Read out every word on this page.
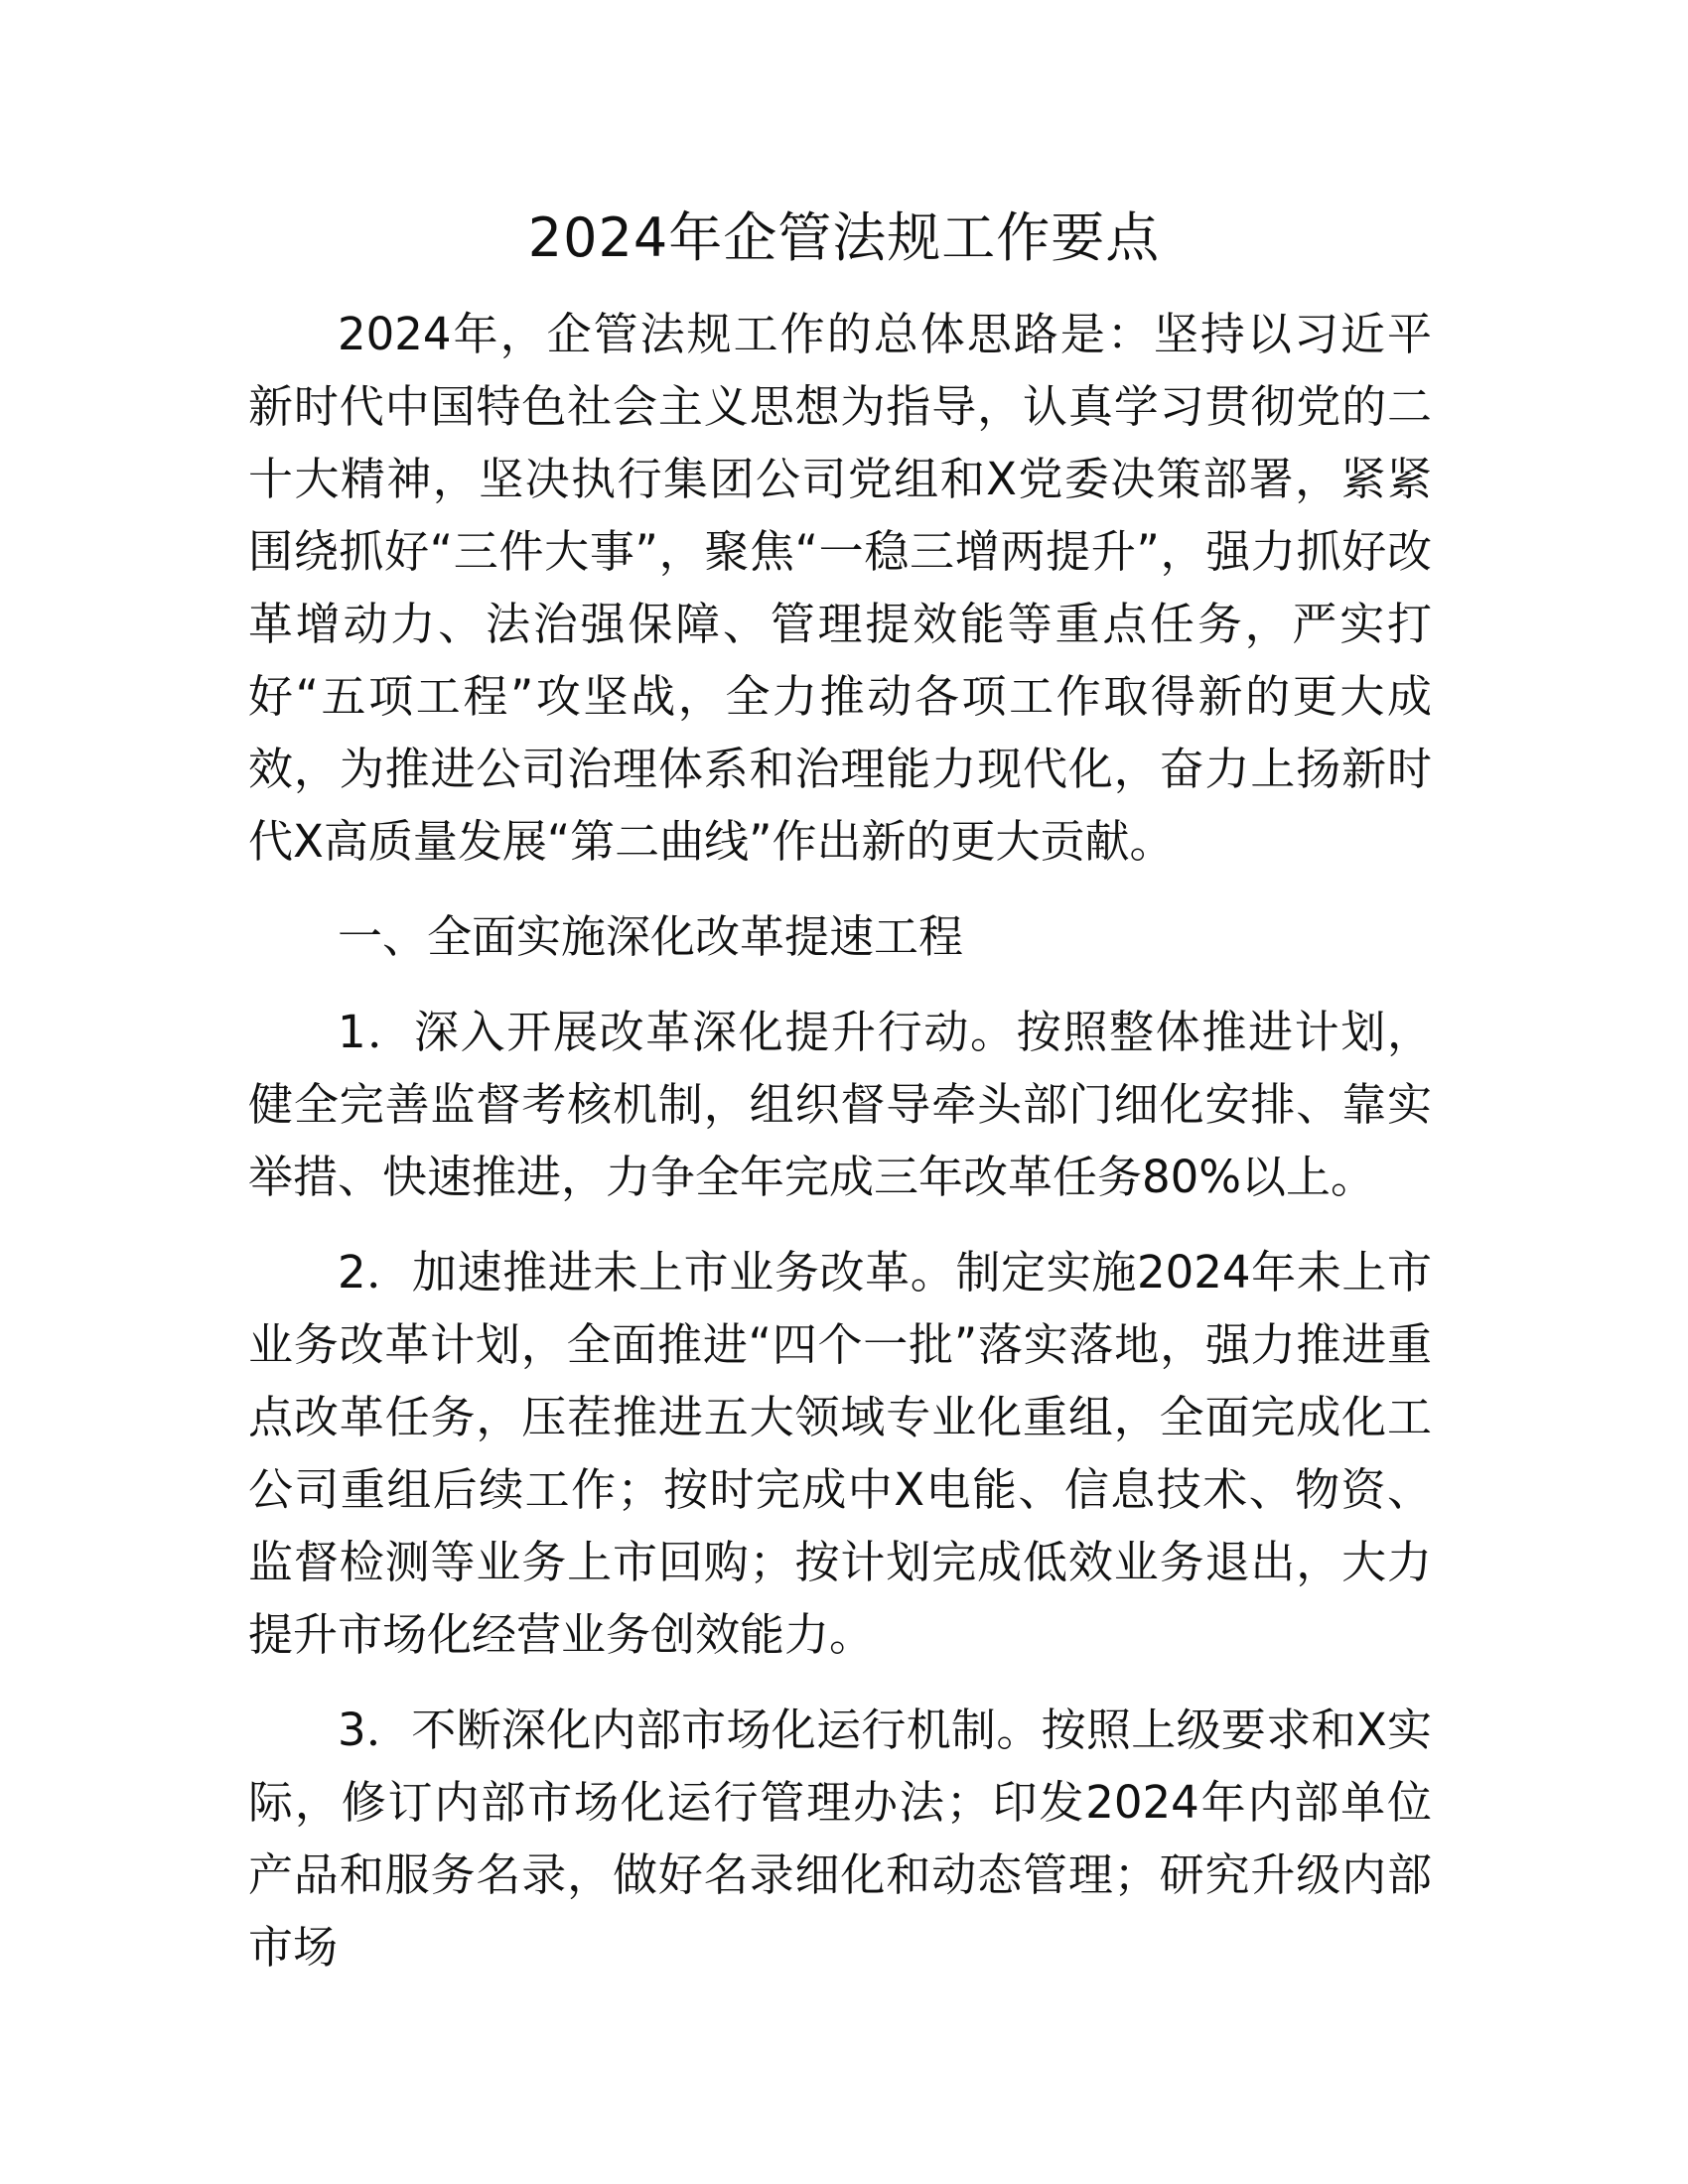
2024年企管法规工作要点

2024年，企管法规工作的总体思路是：坚持以习近平新时代中国特色社会主义思想为指导，认真学习贯彻党的二十大精神，坚决执行集团公司党组和X党委决策部署，紧紧围绕抓好“三件大事”，聚焦“一稳三增两提升”，强力抓好改革增动力、法治强保障、管理提效能等重点任务，严实打好“五项工程”攻坚战，全力推动各项工作取得新的更大成效，为推进公司治理体系和治理能力现代化，奋力上扬新时代X高质量发展“第二曲线”作出新的更大贡献。

一、全面实施深化改革提速工程

1．深入开展改革深化提升行动。按照整体推进计划，健全完善监督考核机制，组织督导牵头部门细化安排、靠实举措、快速推进，力争全年完成三年改革任务80%以上。

2．加速推进未上市业务改革。制定实施2024年未上市业务改革计划，全面推进“四个一批”落实落地，强力推进重点改革任务，压茬推进五大领域专业化重组，全面完成化工公司重组后续工作；按时完成中X电能、信息技术、物资、监督检测等业务上市回购；按计划完成低效业务退出，大力提升市场化经营业务创效能力。

3．不断深化内部市场化运行机制。按照上级要求和X实际，修订内部市场化运行管理办法；印发2024年内部单位产品和服务名录，做好名录细化和动态管理；研究升级内部市场
